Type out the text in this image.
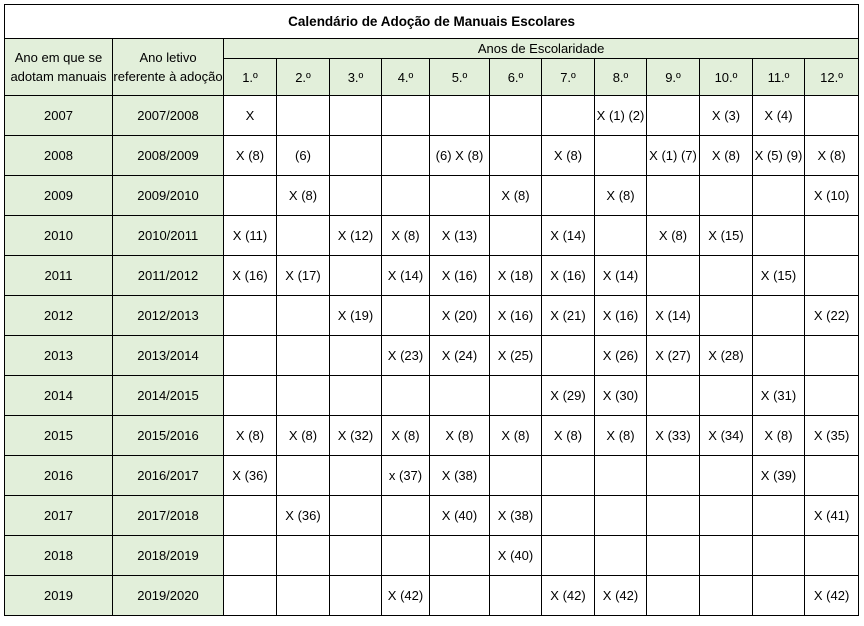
Calendário de Adoção de Manuais Escolares													
Ano em que se adotam manuais	Ano letivo referente à adoção	Anos de Escolaridade											
		1.º	2.º	3.º	4.º	5.º	6.º	7.º	8.º	9.º	10.º	11.º	12.º
2007	2007/2008	X							X (1) (2)		X (3)	X (4)	
2008	2008/2009	X (8)	(6)			(6) X (8)		X (8)		X (1) (7)	X (8)	X (5) (9)	X (8)
2009	2009/2010		X (8)				X (8)		X (8)				X (10)
2010	2010/2011	X (11)		X (12)	X (8)	X (13)		X (14)		X (8)	X (15)		
2011	2011/2012	X (16)	X (17)		X (14)	X (16)	X (18)	X (16)	X (14)			X (15)	
2012	2012/2013			X (19)		X (20)	X (16)	X (21)	X (16)	X (14)			X (22)
2013	2013/2014				X (23)	X (24)	X (25)		X (26)	X (27)	X (28)		
2014	2014/2015							X (29)	X (30)			X (31)	
2015	2015/2016	X (8)	X (8)	X (32)	X (8)	X (8)	X (8)	X (8)	X (8)	X (33)	X (34)	X (8)	X (35)
2016	2016/2017	X (36)			x (37)	X (38)						X (39)	
2017	2017/2018		X (36)			X (40)	X (38)						X (41)
2018	2018/2019						X (40)						
2019	2019/2020				X (42)			X (42)	X (42)				X (42)
